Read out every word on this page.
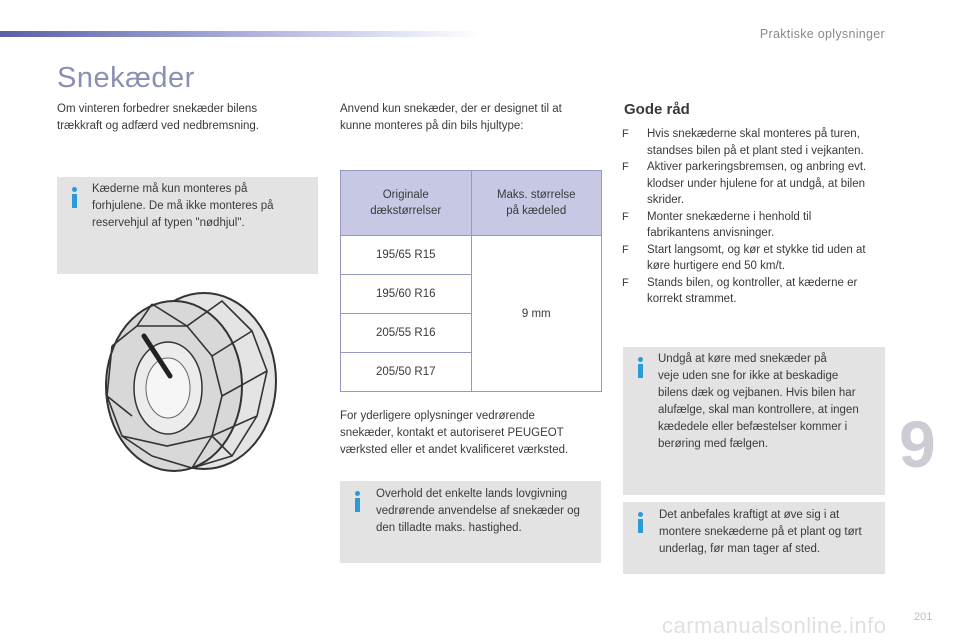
Praktiske oplysninger
Snekæder

Om vinteren forbedrer snekæder bilens
trækkraft og adfærd ved nedbremsning.

Kæderne må kun monteres på
forhjulene. De må ikke monteres på
reservehjul af typen "nødhjul".

Anvend kun snekæder, der er designet til at
kunne monteres på din bils hjultype:

Originale
dækstørrelser	Maks. størrelse
på kædeled
195/65 R15	9 mm
195/60 R16	
205/55 R16	
205/50 R17	

For yderligere oplysninger vedrørende
snekæder, kontakt et autoriseret PEUGEOT
værksted eller et andet kvalificeret værksted.

Overhold det enkelte lands lovgivning
vedrørende anvendelse af snekæder og
den tilladte maks. hastighed.

Gode råd
F Hvis snekæderne skal monteres på turen,
standses bilen på et plant sted i vejkanten.
F Aktiver parkeringsbremsen, og anbring evt.
klodser under hjulene for at undgå, at bilen
skrider.
F Monter snekæderne i henhold til
fabrikantens anvisninger.
F Start langsomt, og kør et stykke tid uden at
køre hurtigere end 50 km/t.
F Stands bilen, og kontroller, at kæderne er
korrekt strammet.

Undgå at køre med snekæder på
veje uden sne for ikke at beskadige
bilens dæk og vejbanen. Hvis bilen har
alufælge, skal man kontrollere, at ingen
kædedele eller befæstelser kommer i
berøring med fælgen.

Det anbefales kraftigt at øve sig i at
montere snekæderne på et plant og tørt
underlag, før man tager af sted.

9
carmanualsonline.info 201
